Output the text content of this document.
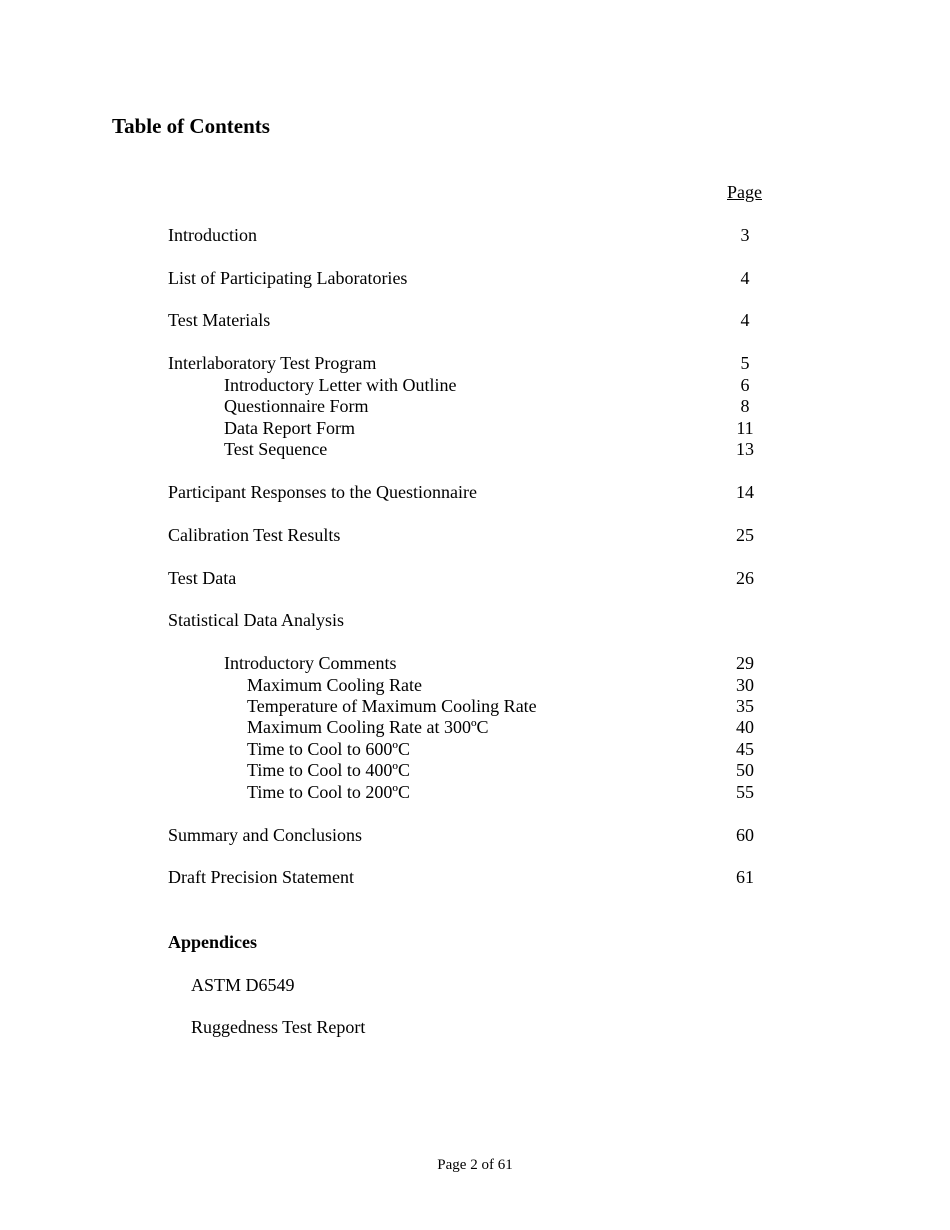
Table of Contents
Page
Introduction	3
List of Participating Laboratories	4
Test Materials	4
Interlaboratory Test Program	5
Introductory Letter with Outline	6
Questionnaire Form	8
Data Report Form	11
Test Sequence	13
Participant Responses to the Questionnaire	14
Calibration Test Results	25
Test Data	26
Statistical Data Analysis
Introductory Comments	29
Maximum Cooling Rate	30
Temperature of Maximum Cooling Rate	35
Maximum Cooling Rate at 300ºC	40
Time to Cool to 600ºC	45
Time to Cool to 400ºC	50
Time to Cool to 200ºC	55
Summary and Conclusions	60
Draft Precision Statement	61
Appendices
ASTM D6549
Ruggedness Test Report
Page 2 of 61
